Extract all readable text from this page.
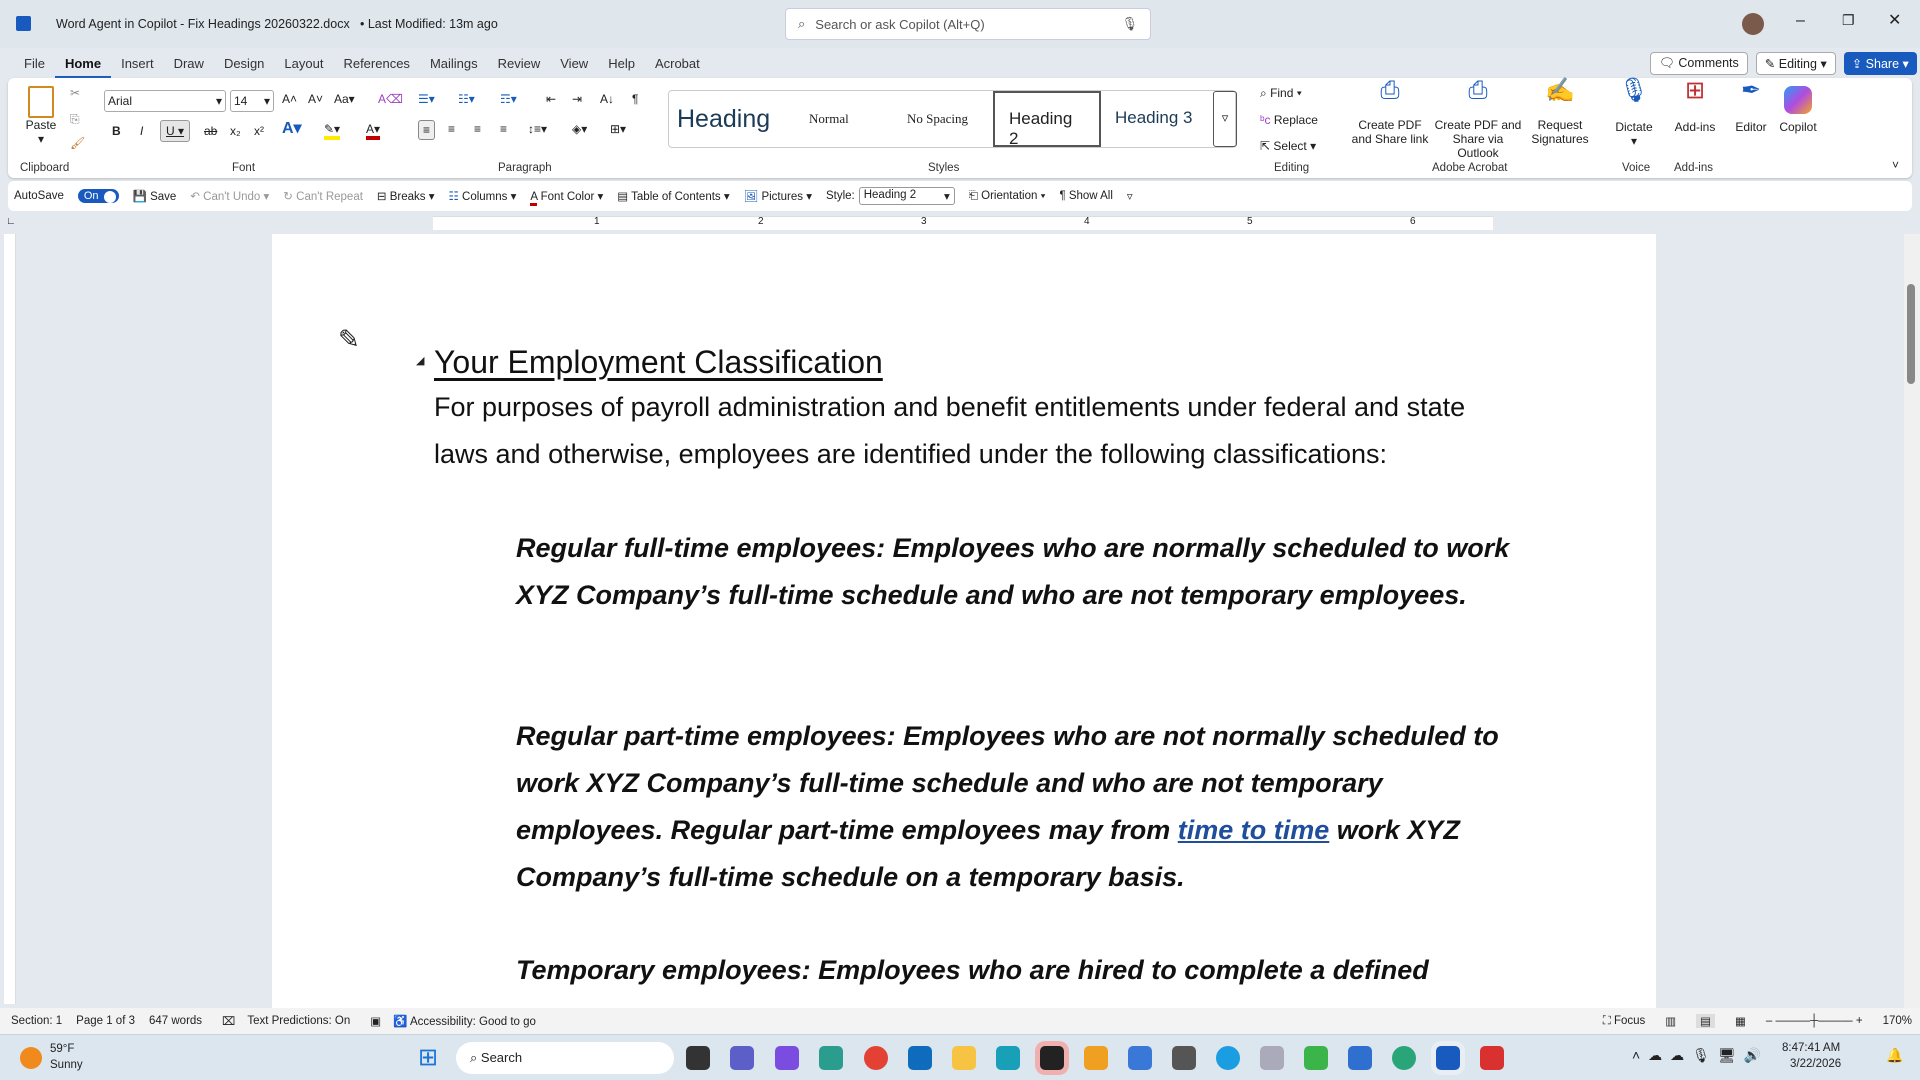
Word Agent in Copilot - Fix Headings 20260322.docx • Last Modified: 13m ago	⌕ Search or ask Copilot (Alt+Q)	🎙	–	❐ ✕
File	Home	Insert	Draw	Design	Layout	References	Mailings	Review	View	Help	Acrobat	🗨 Comments	✎ Editing ▾	⇪ Share ▾
Paste
▾
✂
⎘
🖌
Clipboard
Arial	▾	14 ▾ A˄ A˅ Aa▾ A⌫
B I	U ▾	ab x₂ x² A▾ ✎▾ A▾
Font
☰▾ ☷▾ ☶▾ ⇤ ⇥ A↓ ¶
≡	≡ ≡ ≡ ↕≡▾ ◈▾ ⊞▾
Paragraph
Heading	Normal	No Spacing	Heading 2
Heading 3	▿
Styles
⌕ Find ▾
ᵇc Replace
⇱ Select ▾
Editing
⎙
Create PDF and Share link
⎙
Create PDF and Share via Outlook
✍
Request Signatures
Adobe Acrobat
🎙
Dictate
▾
Voice
⊞
Add-ins
Add-ins
✒
Editor	Copilot
˅
AutoSave	On	💾 Save ↶ Can't Undo ▾ ↻ Can't Repeat ⊟ Breaks ▾ ☷ Columns ▾ A Font Color ▾ ▤ Table of Contents ▾ 🖼 Pictures ▾ Style: Heading 2 ▾	⎗ Orientation ▾ ¶ Show All ▿
∟	1	2	3	4	5	6
✎
◢ Your Employment Classification
For purposes of payroll administration and benefit entitlements under federal and state laws and otherwise, employees are identified under the following classifications:
Regular full-time employees: Employees who are normally scheduled to work XYZ Company’s full-time schedule and who are not temporary employees.
Regular part-time employees: Employees who are not normally scheduled to work XYZ Company’s full-time schedule and who are not temporary employees. Regular part-time employees may from time to time work XYZ Company’s full-time schedule on a temporary basis.
Temporary employees: Employees who are hired to complete a defined
Section: 1 Page 1 of 3 647 words ⌧ Text Predictions: On ▣ ♿ Accessibility: Good to go	⛶ Focus ▥	▤	▦ – ———┼——— + 170%
59°F
Sunny	⊞	⌕ Search	˄☁☁🎙🖥🔊 8:47:41 AM
3/22/2026
🔔
